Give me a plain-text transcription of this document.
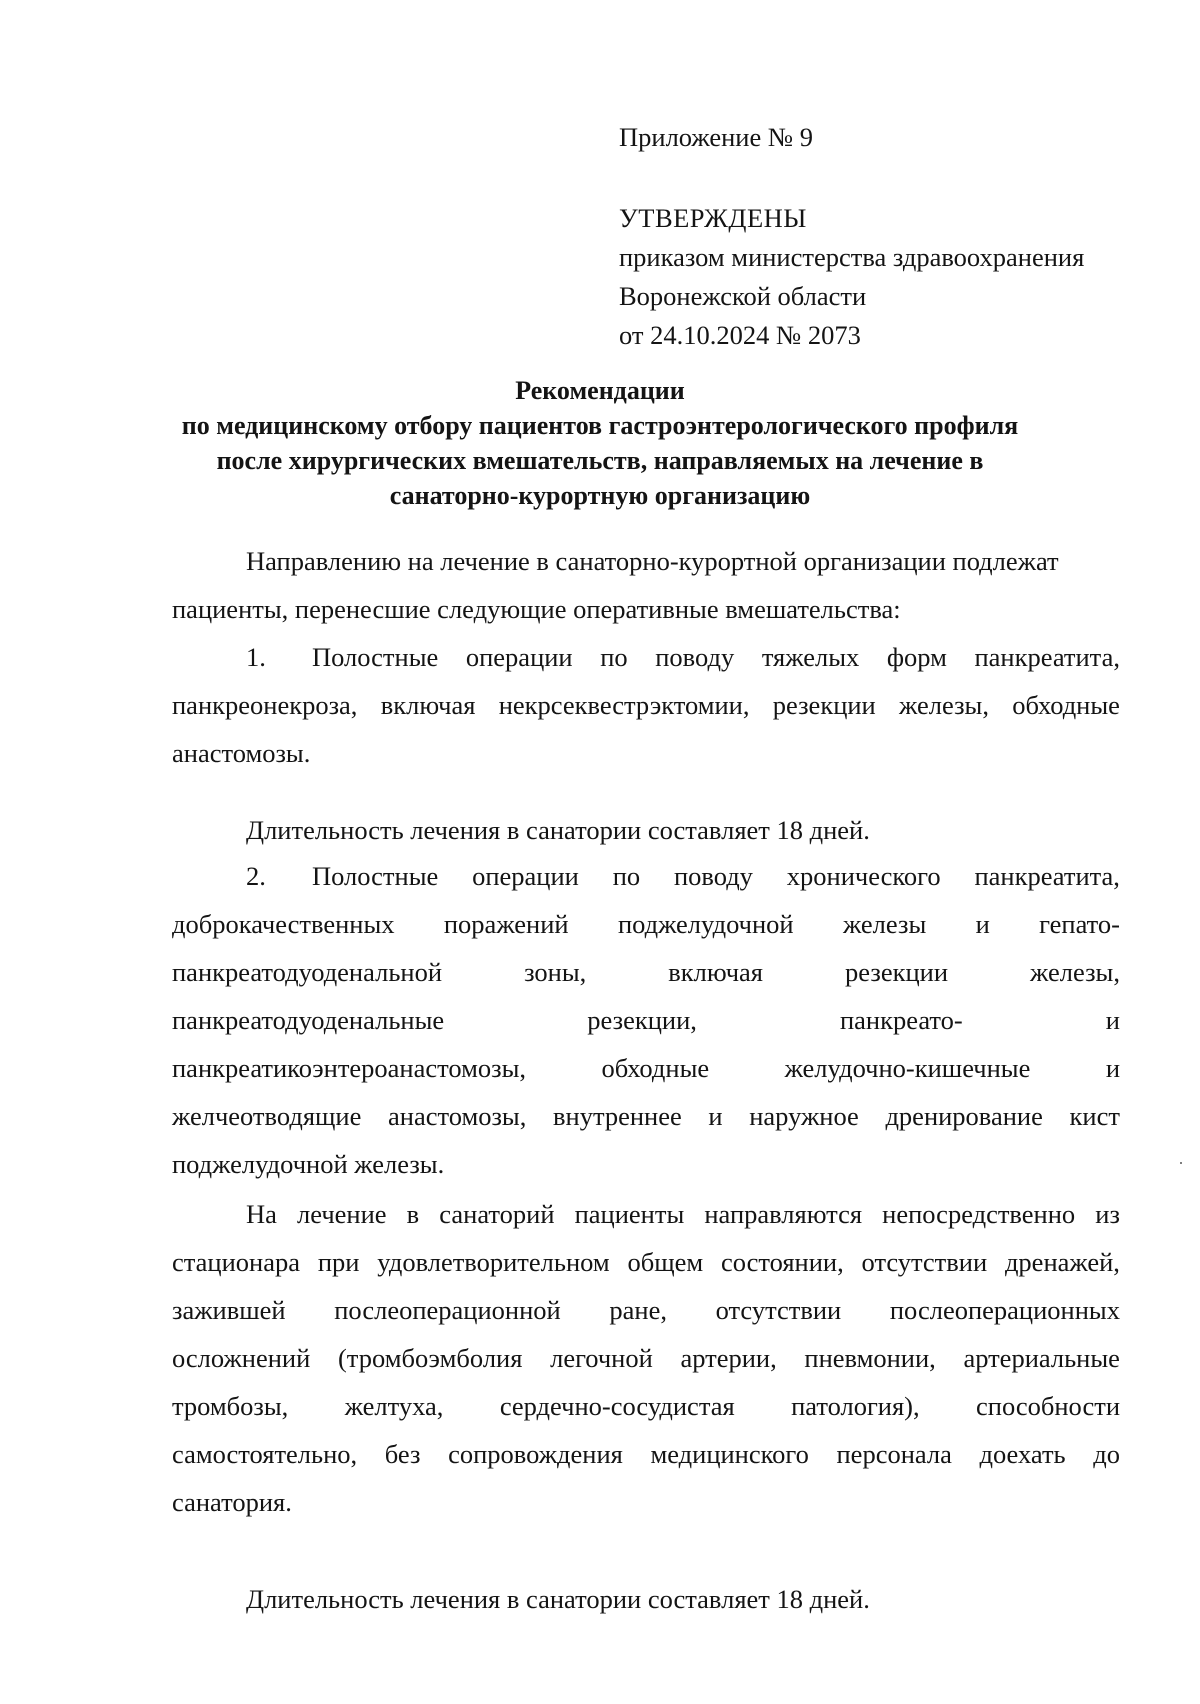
Приложение № 9
УТВЕРЖДЕНЫ
приказом министерства здравоохранения
Воронежской области
от 24.10.2024 № 2073
Рекомендации
по медицинскому отбору пациентов гастроэнтерологического профиля
после хирургических вмешательств, направляемых на лечение в
санаторно-курортную организацию
Направлению на лечение в санаторно-курортной организации подлежат
пациенты, перенесшие следующие оперативные вмешательства:
1.	Полостные операции по поводу тяжелых форм панкреатита,
панкреонекроза, включая некрсеквестрэктомии, резекции железы, обходные
анастомозы.
Длительность лечения в санатории составляет 18 дней.
2.	Полостные операции по поводу хронического панкреатита,
доброкачественных поражений поджелудочной железы и гепато-
панкреатодуоденальной	зоны,	включая	резекции	железы,
панкреатодуоденальные	резекции,	панкреато-	и
панкреатикоэнтероанастомозы,	обходные	желудочно-кишечные	и
желчеотводящие анастомозы, внутреннее и наружное дренирование кист
поджелудочной железы.
На лечение в санаторий пациенты направляются непосредственно из
стационара при удовлетворительном общем состоянии, отсутствии дренажей,
зажившей послеоперационной ране, отсутствии послеоперационных
осложнений (тромбоэмболия легочной артерии, пневмонии, артериальные
тромбозы, желтуха, сердечно-сосудистая патология), способности
самостоятельно, без сопровождения медицинского персонала доехать до
санатория.
Длительность лечения в санатории составляет 18 дней.
